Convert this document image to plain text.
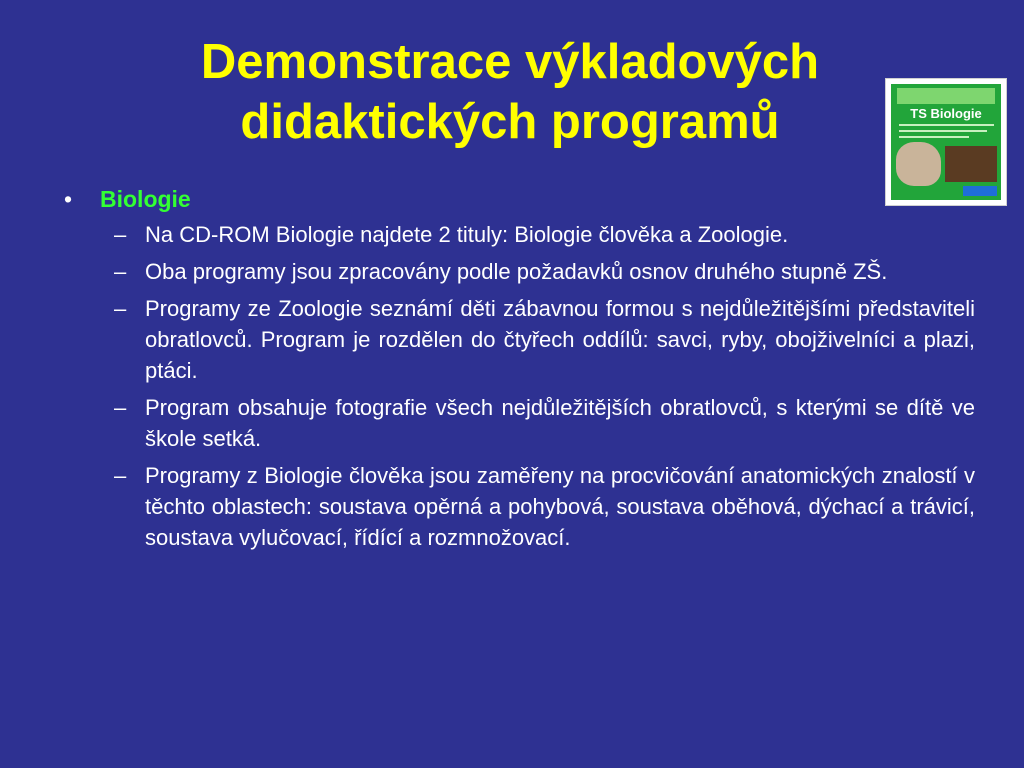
Demonstrace výkladových
didaktických programů	TS Biologie
• Biologie
– Na CD-ROM Biologie najdete 2 tituly: Biologie člověka a Zoologie.
– Oba programy jsou zpracovány podle požadavků osnov druhého stupně ZŠ.
– Programy ze Zoologie seznámí děti zábavnou formou s nejdůležitějšími představiteli obratlovců. Program je rozdělen do čtyřech oddílů: savci, ryby, obojživelníci a plazi, ptáci.
– Program obsahuje fotografie všech nejdůležitějších obratlovců, s kterými se dítě ve škole setká.
– Programy z Biologie člověka jsou zaměřeny na procvičování anatomických znalostí v těchto oblastech: soustava opěrná a pohybová, soustava oběhová, dýchací a trávicí, soustava vylučovací, řídící a rozmnožovací.
